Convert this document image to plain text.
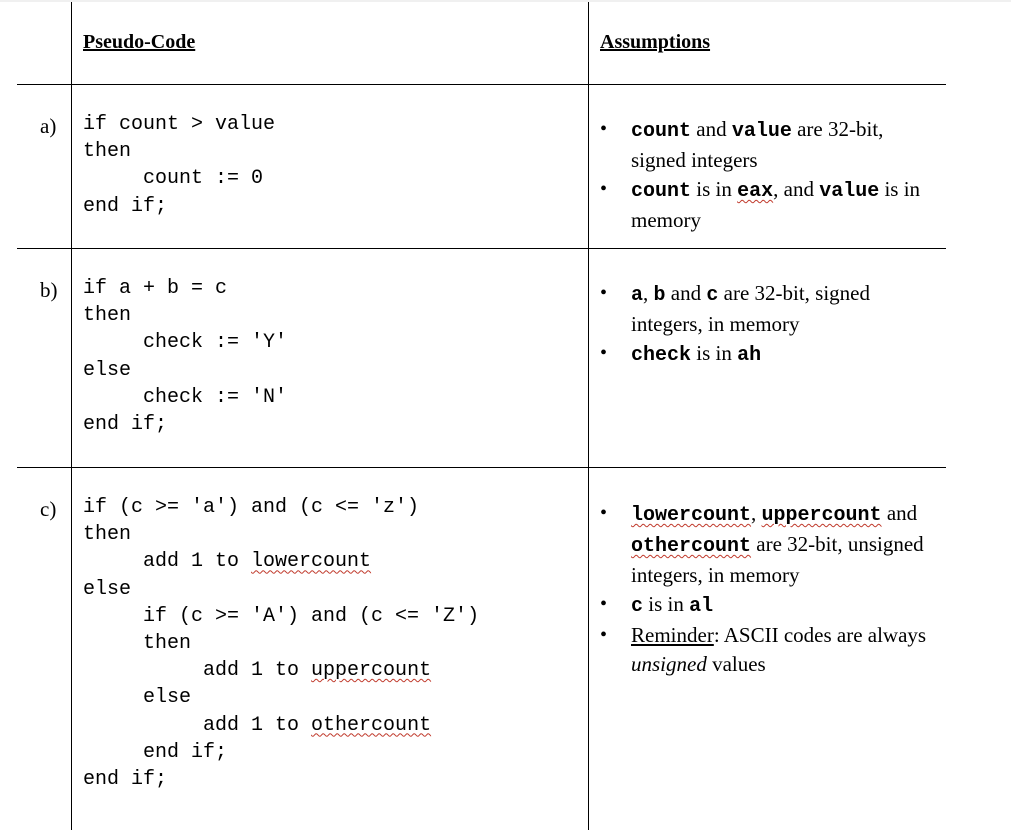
Pseudo-Code	Assumptions
a) if count > value
then
count := 0
end if;
• count and value are 32-bit, signed integers
• count is in eax, and value is in memory
b) if a + b = c
then
check := 'Y'
else
check := 'N'
end if;
• a, b and c are 32-bit, signed integers, in memory
• check is in ah
c) if (c >= 'a') and (c <= 'z')
then
add 1 to lowercount
else
if (c >= 'A') and (c <= 'Z')
then
add 1 to uppercount
else
add 1 to othercount
end if;
end if;
• lowercount, uppercount and othercount are 32-bit, unsigned integers, in memory
• c is in al
• Reminder: ASCII codes are always unsigned values
